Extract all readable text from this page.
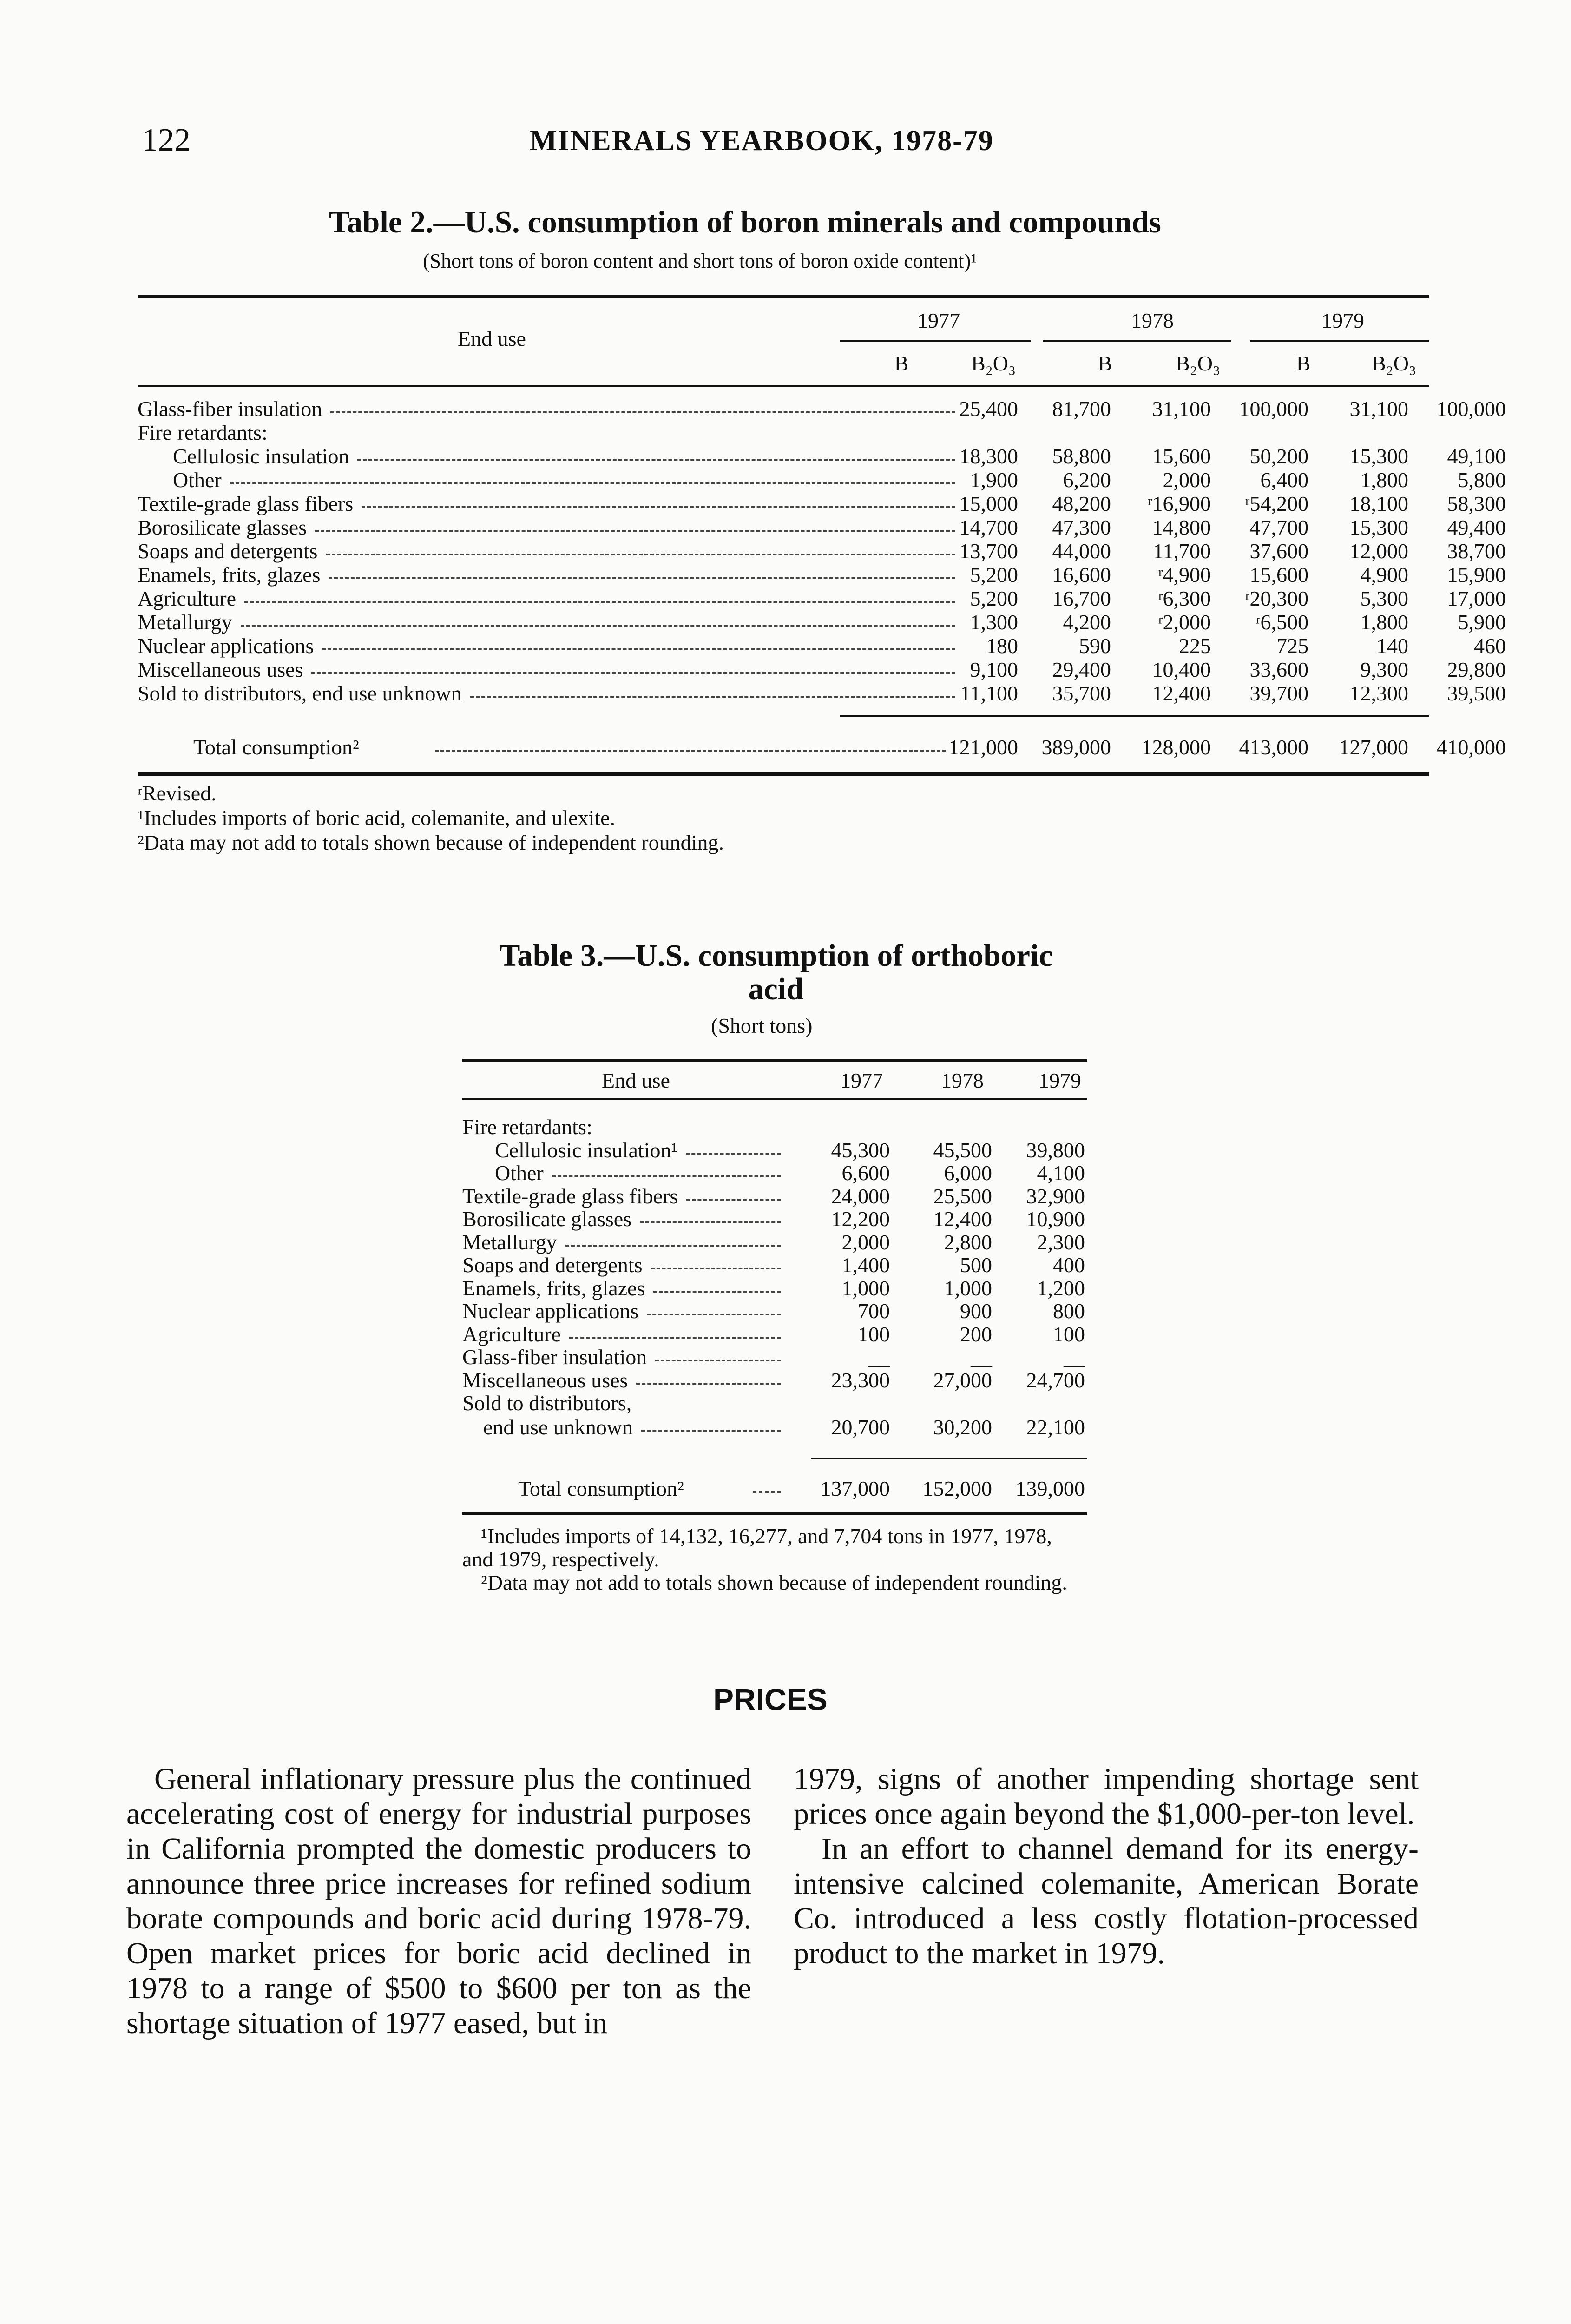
122	MINERALS YEARBOOK, 1978-79
Table 2.—U.S. consumption of boron minerals and compounds
(Short tons of boron content and short tons of boron oxide content)¹
End use
1977	1978	1979
B	B₂O₃	B	B₂O₃	B	B₂O₃
Glass-fiber insulation	25,400	81,700	31,100	100,000	31,100	100,000
Fire retardants:
Cellulosic insulation	18,300	58,800	15,600	50,200	15,300	49,100
Other	1,900	6,200	2,000	6,400	1,800	5,800
Textile-grade glass fibers	15,000	48,200	ʳ16,900	ʳ54,200	18,100	58,300
Borosilicate glasses	14,700	47,300	14,800	47,700	15,300	49,400
Soaps and detergents	13,700	44,000	11,700	37,600	12,000	38,700
Enamels, frits, glazes	5,200	16,600	ʳ4,900	15,600	4,900	15,900
Agriculture	5,200	16,700	ʳ6,300	ʳ20,300	5,300	17,000
Metallurgy	1,300	4,200	ʳ2,000	ʳ6,500	1,800	5,900
Nuclear applications	180	590	225	725	140	460
Miscellaneous uses	9,100	29,400	10,400	33,600	9,300	29,800
Sold to distributors, end use unknown	11,100	35,700	12,400	39,700	12,300	39,500
Total consumption²	121,000	389,000	128,000	413,000	127,000	410,000
ʳRevised.
¹Includes imports of boric acid, colemanite, and ulexite.
²Data may not add to totals shown because of independent rounding.
Table 3.—U.S. consumption of orthoboric
acid
(Short tons)
End use	1977	1978	1979
Fire retardants:
Cellulosic insulation¹	45,300	45,500	39,800
Other	6,600	6,000	4,100
Textile-grade glass fibers	24,000	25,500	32,900
Borosilicate glasses	12,200	12,400	10,900
Metallurgy	2,000	2,800	2,300
Soaps and detergents	1,400	500	400
Enamels, frits, glazes	1,000	1,000	1,200
Nuclear applications	700	900	800
Agriculture	100	200	100
Glass-fiber insulation	__	__	__
Miscellaneous uses	23,300	27,000	24,700
Sold to distributors,
end use unknown	20,700	30,200	22,100
Total consumption²	137,000 152,000 139,000
¹Includes imports of 14,132, 16,277, and 7,704 tons in 1977, 1978, and 1979, respectively.
²Data may not add to totals shown because of independent rounding.
PRICES

General inflationary pressure plus the continued accelerating cost of energy for industrial purposes in California prompted the domestic producers to announce three price increases for refined sodium borate compounds and boric acid during 1978-79. Open market prices for boric acid declined in 1978 to a range of $500 to $600 per ton as the shortage situation of 1977 eased, but in

1979, signs of another impending shortage sent prices once again beyond the $1,000-per-ton level.

In an effort to channel demand for its energy-intensive calcined colemanite, American Borate Co. introduced a less costly flotation-processed product to the market in 1979.
